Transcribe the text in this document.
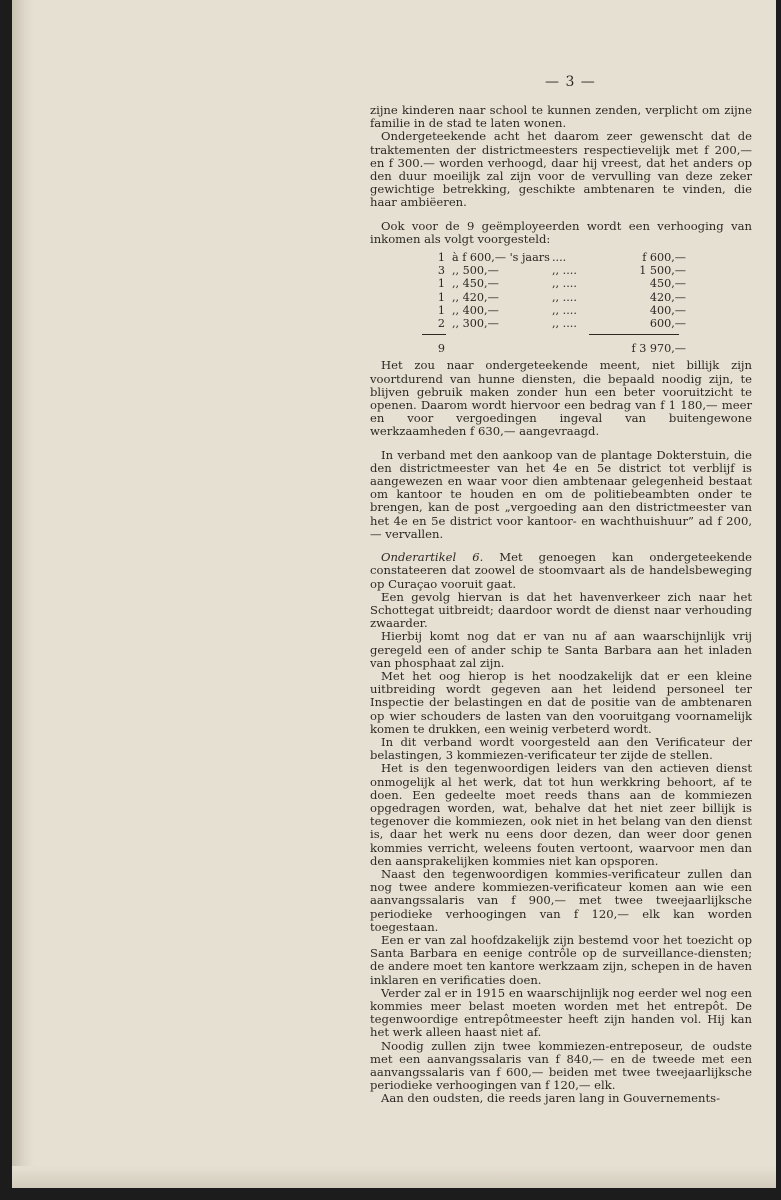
— 3 —

zijne kinderen naar school te kunnen zenden, verplicht om zijne familie in de stad te laten wonen.

Ondergeteekende acht het daarom zeer gewenscht dat de traktementen der districtmeesters respectievelijk met f 200,— en f 300.— worden verhoogd, daar hij vreest, dat het anders op den duur moeilijk zal zijn voor de vervulling van deze zeker gewichtige betrekking, geschikte ambtenaren te vinden, die haar ambiëeren.

Ook voor de 9 geëmployeerden wordt een verhooging van inkomen als volgt voorgesteld:

1 à f 600,— 's jaars ....	f 600,—
3 ,, 500,—	,, ....	1 500,—
1 ,, 450,—	,, ....	450,—
1 ,, 420,—	,, ....	420,—
1 ,, 400,—	,, ....	400,—
2 ,, 300,—	,, ....	600,—
9	f 3 970,—

Het zou naar ondergeteekende meent, niet billijk zijn voortdurend van hunne diensten, die bepaald noodig zijn, te blijven gebruik maken zonder hun een beter vooruitzicht te openen. Daarom wordt hiervoor een bedrag van f 1 180,— meer en voor vergoedingen ingeval van buitengewone werkzaamheden f 630,— aangevraagd.

In verband met den aankoop van de plantage Dokterstuin, die den districtmeester van het 4e en 5e district tot verblijf is aangewezen en waar voor dien ambtenaar gelegenheid bestaat om kantoor te houden en om de politiebeambten onder te brengen, kan de post „vergoeding aan den districtmeester van het 4e en 5e district voor kantoor- en wachthuishuur” ad f 200,— vervallen.

Onderartikel 6. Met genoegen kan ondergeteekende constateeren dat zoowel de stoomvaart als de handelsbeweging op Curaçao vooruit gaat.

Een gevolg hiervan is dat het havenverkeer zich naar het Schottegat uitbreidt; daardoor wordt de dienst naar verhouding zwaarder.

Hierbij komt nog dat er van nu af aan waarschijnlijk vrij geregeld een of ander schip te Santa Barbara aan het inladen van phosphaat zal zijn.

Met het oog hierop is het noodzakelijk dat er een kleine uitbreiding wordt gegeven aan het leidend personeel ter Inspectie der belastingen en dat de positie van de ambtenaren op wier schouders de lasten van den vooruitgang voornamelijk komen te drukken, een weinig verbeterd wordt.

In dit verband wordt voorgesteld aan den Verificateur der belastingen, 3 kommiezen-verificateur ter zijde de stellen.

Het is den tegenwoordigen leiders van den actieven dienst onmogelijk al het werk, dat tot hun werkkring behoort, af te doen. Een gedeelte moet reeds thans aan de kommiezen opgedragen worden, wat, behalve dat het niet zeer billijk is tegenover die kommiezen, ook niet in het belang van den dienst is, daar het werk nu eens door dezen, dan weer door genen kommies verricht, weleens fouten vertoont, waarvoor men dan den aansprakelijken kommies niet kan opsporen.

Naast den tegenwoordigen kommies-verificateur zullen dan nog twee andere kommiezen-verificateur komen aan wie een aanvangssalaris van f 900,— met twee tweejaarlijksche periodieke verhoogingen van f 120,— elk kan worden toegestaan.

Een er van zal hoofdzakelijk zijn bestemd voor het toezicht op Santa Barbara en eenige contrôle op de surveillance-diensten; de andere moet ten kantore werkzaam zijn, schepen in de haven inklaren en verificaties doen.

Verder zal er in 1915 en waarschijnlijk nog eerder wel nog een kommies meer belast moeten worden met het entrepôt. De tegenwoordige entrepôtmeester heeft zijn handen vol. Hij kan het werk alleen haast niet af.

Noodig zullen zijn twee kommiezen-entreposeur, de oudste met een aanvangssalaris van f 840,— en de tweede met een aanvangssalaris van f 600,— beiden met twee tweejaarlijksche periodieke verhoogingen van f 120,— elk.

Aan den oudsten, die reeds jaren lang in Gouvernements-
